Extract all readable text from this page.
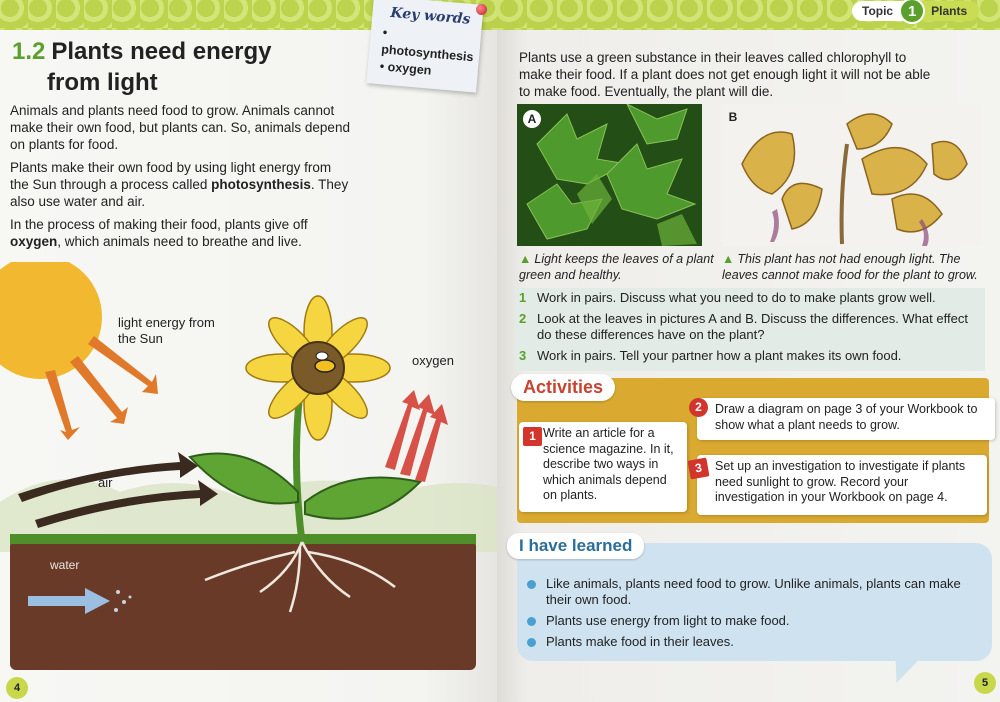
1.2 Plants need energy
from light

Animals and plants need food to grow. Animals cannot make their own food, but plants can. So, animals depend on plants for food.

Plants make their own food by using light energy from the Sun through a process called photosynthesis. They also use water and air.

In the process of making their food, plants give off oxygen, which animals need to breathe and live.

light energy from the Sun
oxygen
air
water
4
Key words
• photosynthesis
• oxygen
Topic 1	Plants
Plants use a green substance in their leaves called chlorophyll to make their food. If a plant does not get enough light it will not be able to make food. Eventually, the plant will die.
A	B
▲ Light keeps the leaves of a plant green and healthy.
▲ This plant has not had enough light. The leaves cannot make food for the plant to grow.
1 Work in pairs. Discuss what you need to do to make plants grow well.
2 Look at the leaves in pictures A and B. Discuss the differences. What effect do these differences have on the plant?
3 Work in pairs. Tell your partner how a plant makes its own food.
Activities
1 Write an article for a science magazine. In it, describe two ways in which animals depend on plants.
2	Draw a diagram on page 3 of your Workbook to show what a plant needs to grow.
3 Set up an investigation to investigate if plants need sunlight to grow. Record your investigation in your Workbook on page 4.
I have learned
Like animals, plants need food to grow. Unlike animals, plants can make their own food.
Plants use energy from light to make food.
Plants make food in their leaves.
5
